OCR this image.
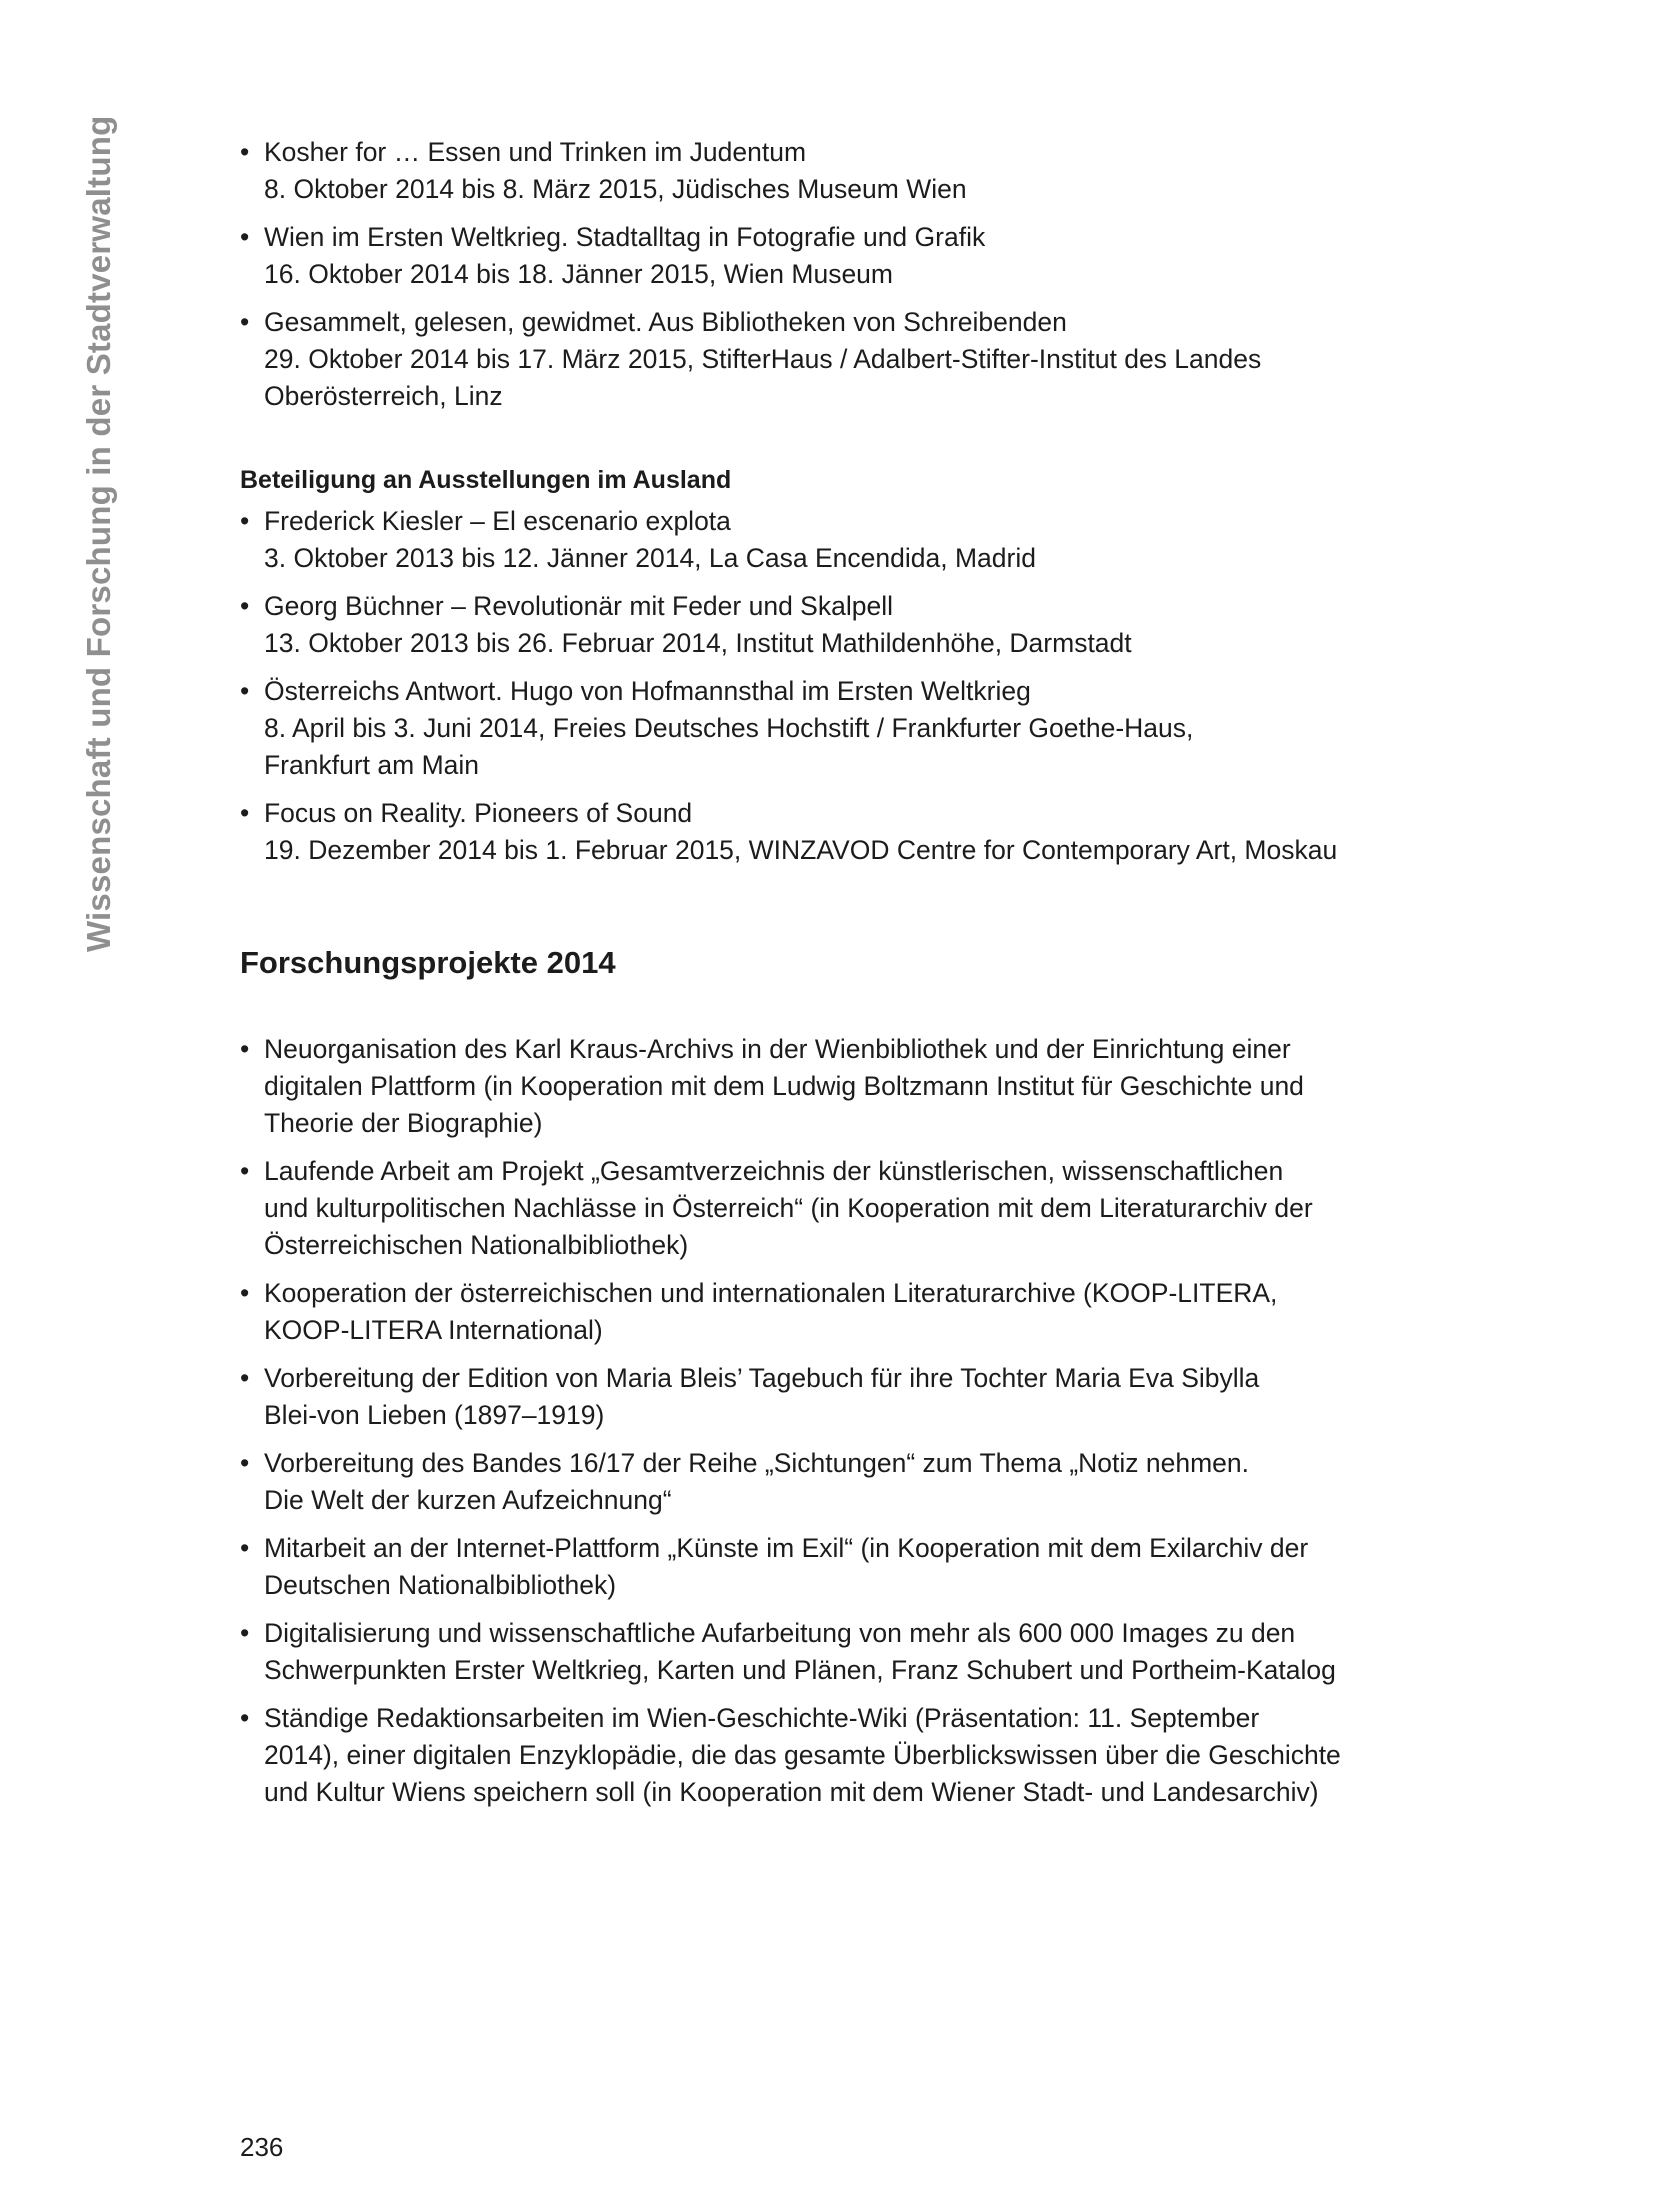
Wissenschaft und Forschung in der Stadtverwaltung
•	Kosher for … Essen und Trinken im Judentum
8. Oktober 2014 bis 8. März 2015, Jüdisches Museum Wien
• Wien im Ersten Weltkrieg. Stadtalltag in Fotografie und Grafik
16. Oktober 2014 bis 18. Jänner 2015, Wien Museum
• Gesammelt, gelesen, gewidmet. Aus Bibliotheken von Schreibenden
29. Oktober 2014 bis 17. März 2015, StifterHaus / Adalbert-Stifter-Institut des Landes
Oberösterreich, Linz
Beteiligung an Ausstellungen im Ausland
• Frederick Kiesler – El escenario explota
3. Oktober 2013 bis 12. Jänner 2014, La Casa Encendida, Madrid
• Georg Büchner – Revolutionär mit Feder und Skalpell
13. Oktober 2013 bis 26. Februar 2014, Institut Mathildenhöhe, Darmstadt
• Österreichs Antwort. Hugo von Hofmannsthal im Ersten Weltkrieg
8. April bis 3. Juni 2014, Freies Deutsches Hochstift / Frankfurter Goethe-Haus,
Frankfurt am Main
• Focus on Reality. Pioneers of Sound
19. Dezember 2014 bis 1. Februar 2015, WINZAVOD Centre for Contemporary Art, Moskau
Forschungsprojekte 2014
• Neuorganisation des Karl Kraus-Archivs in der Wienbibliothek und der Einrichtung einer
digitalen Plattform (in Kooperation mit dem Ludwig Boltzmann Institut für Geschichte und
Theorie der Biographie)
• Laufende Arbeit am Projekt „Gesamtverzeichnis der künstlerischen, wissenschaftlichen
und kulturpolitischen Nachlässe in Österreich“ (in Kooperation mit dem Literaturarchiv der
Österreichischen Nationalbibliothek)
• Kooperation der österreichischen und internationalen Literaturarchive (KOOP-LITERA,
KOOP-LITERA International)
• Vorbereitung der Edition von Maria Bleis’ Tagebuch für ihre Tochter Maria Eva Sibylla
Blei-von Lieben (1897–1919)
• Vorbereitung des Bandes 16/17 der Reihe „Sichtungen“ zum Thema „Notiz nehmen.
Die Welt der kurzen Aufzeichnung“
• Mitarbeit an der Internet-Plattform „Künste im Exil“ (in Kooperation mit dem Exilarchiv der
Deutschen Nationalbibliothek)
• Digitalisierung und wissenschaftliche Aufarbeitung von mehr als 600 000 Images zu den
Schwerpunkten Erster Weltkrieg, Karten und Plänen, Franz Schubert und Portheim-Katalog
• Ständige Redaktionsarbeiten im Wien-Geschichte-Wiki (Präsentation: 11. September
2014), einer digitalen Enzyklopädie, die das gesamte Überblickswissen über die Geschichte
und Kultur Wiens speichern soll (in Kooperation mit dem Wiener Stadt- und Landesarchiv)
236
